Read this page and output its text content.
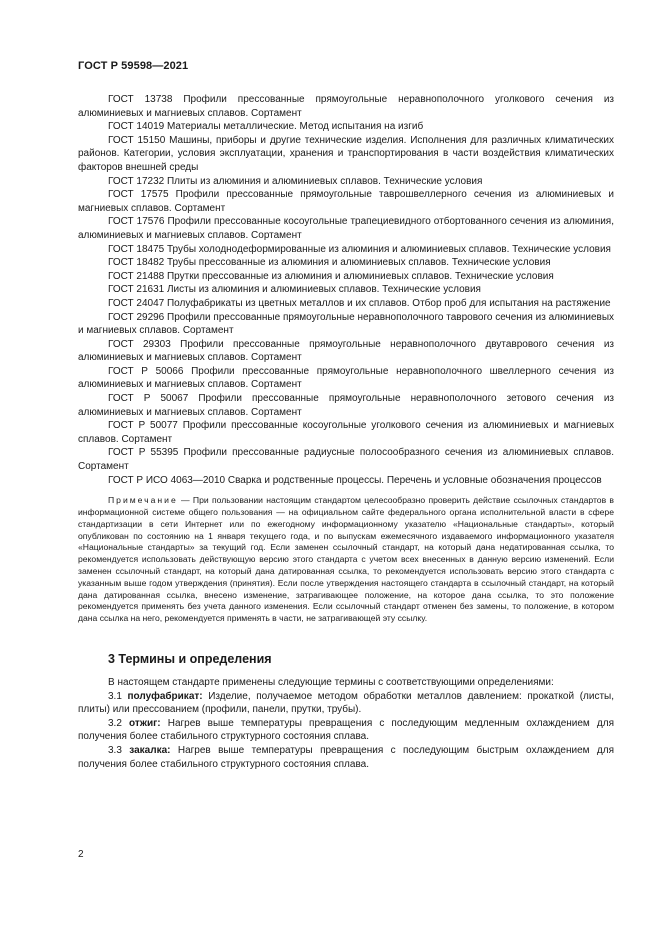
ГОСТ Р 59598—2021

ГОСТ 13738 Профили прессованные прямоугольные неравнополочного уголкового сечения из алюминиевых и магниевых сплавов. Сортамент

ГОСТ 14019 Материалы металлические. Метод испытания на изгиб

ГОСТ 15150 Машины, приборы и другие технические изделия. Исполнения для различных климатических районов. Категории, условия эксплуатации, хранения и транспортирования в части воздействия климатических факторов внешней среды

ГОСТ 17232 Плиты из алюминия и алюминиевых сплавов. Технические условия

ГОСТ 17575 Профили прессованные прямоугольные таврошвеллерного сечения из алюминиевых и магниевых сплавов. Сортамент

ГОСТ 17576 Профили прессованные косоугольные трапециевидного отбортованного сечения из алюминия, алюминиевых и магниевых сплавов. Сортамент

ГОСТ 18475 Трубы холоднодеформированные из алюминия и алюминиевых сплавов. Технические условия

ГОСТ 18482 Трубы прессованные из алюминия и алюминиевых сплавов. Технические условия

ГОСТ 21488 Прутки прессованные из алюминия и алюминиевых сплавов. Технические условия

ГОСТ 21631 Листы из алюминия и алюминиевых сплавов. Технические условия

ГОСТ 24047 Полуфабрикаты из цветных металлов и их сплавов. Отбор проб для испытания на растяжение

ГОСТ 29296 Профили прессованные прямоугольные неравнополочного таврового сечения из алюминиевых и магниевых сплавов. Сортамент

ГОСТ 29303 Профили прессованные прямоугольные неравнополочного двутаврового сечения из алюминиевых и магниевых сплавов. Сортамент

ГОСТ Р 50066 Профили прессованные прямоугольные неравнополочного швеллерного сечения из алюминиевых и магниевых сплавов. Сортамент

ГОСТ Р 50067 Профили прессованные прямоугольные неравнополочного зетового сечения из алюминиевых и магниевых сплавов. Сортамент

ГОСТ Р 50077 Профили прессованные косоугольные уголкового сечения из алюминиевых и магниевых сплавов. Сортамент

ГОСТ Р 55395 Профили прессованные радиусные полосообразного сечения из алюминиевых сплавов. Сортамент

ГОСТ Р ИСО 4063—2010 Сварка и родственные процессы. Перечень и условные обозначения процессов

Примечание — При пользовании настоящим стандартом целесообразно проверить действие ссылочных стандартов в информационной системе общего пользования — на официальном сайте федерального органа исполнительной власти в сфере стандартизации в сети Интернет или по ежегодному информационному указателю «Национальные стандарты», который опубликован по состоянию на 1 января текущего года, и по выпускам ежемесячного издаваемого информационного указателя «Национальные стандарты» за текущий год. Если заменен ссылочный стандарт, на который дана недатированная ссылка, то рекомендуется использовать действующую версию этого стандарта с учетом всех внесенных в данную версию изменений. Если заменен ссылочный стандарт, на который дана датированная ссылка, то рекомендуется использовать версию этого стандарта с указанным выше годом утверждения (принятия). Если после утверждения настоящего стандарта в ссылочный стандарт, на который дана датированная ссылка, внесено изменение, затрагивающее положение, на которое дана ссылка, то это положение рекомендуется применять без учета данного изменения. Если ссылочный стандарт отменен без замены, то положение, в котором дана ссылка на него, рекомендуется применять в части, не затрагивающей эту ссылку.

3 Термины и определения

В настоящем стандарте применены следующие термины с соответствующими определениями:

3.1 полуфабрикат: Изделие, получаемое методом обработки металлов давлением: прокаткой (листы, плиты) или прессованием (профили, панели, прутки, трубы).

3.2 отжиг: Нагрев выше температуры превращения с последующим медленным охлаждением для получения более стабильного структурного состояния сплава.

3.3 закалка: Нагрев выше температуры превращения с последующим быстрым охлаждением для получения более стабильного структурного состояния сплава.

2
